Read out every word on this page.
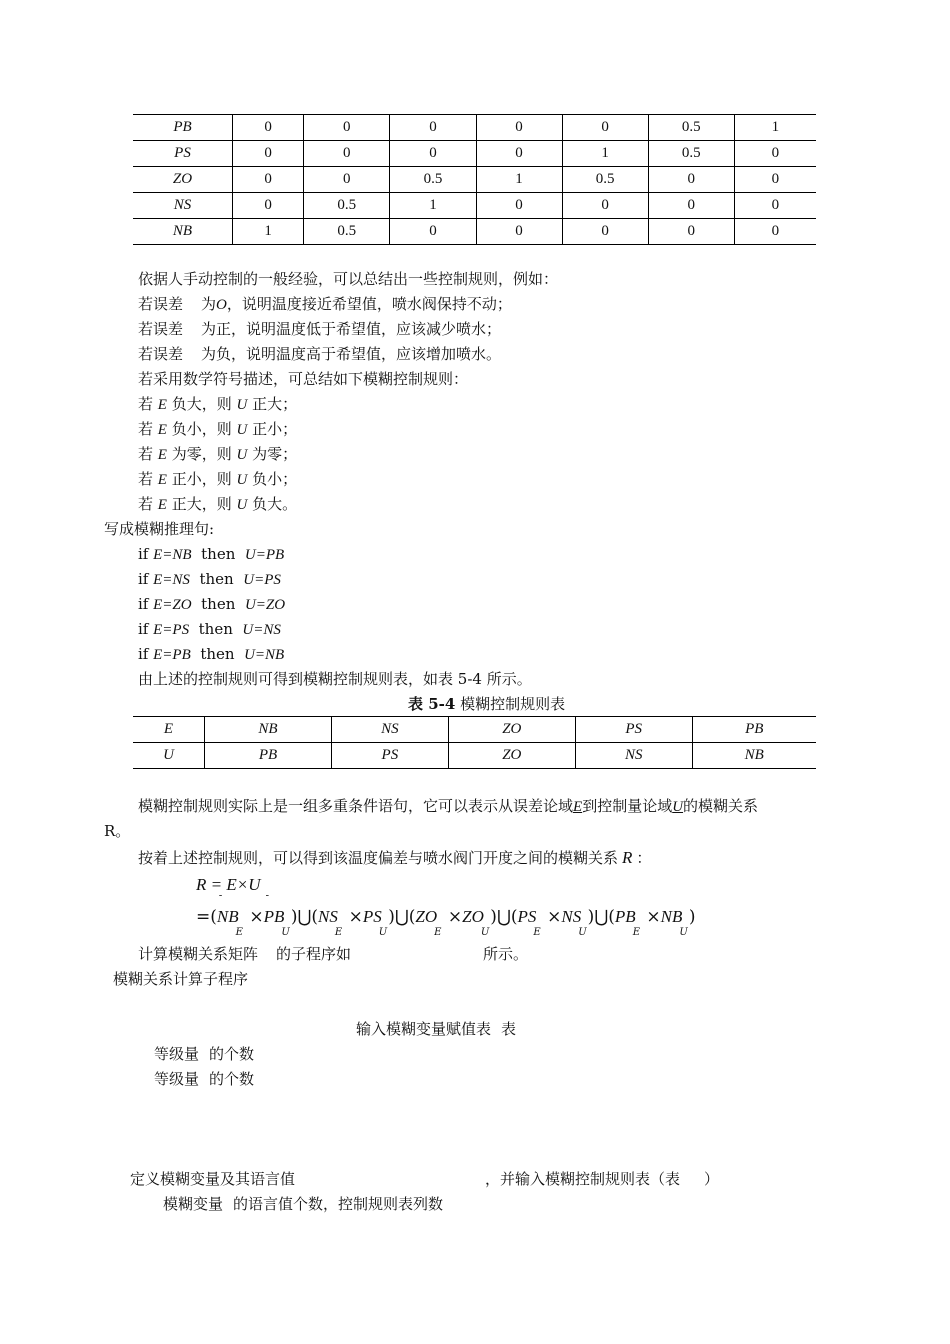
PB	0	0	0	0	0	0.5	1
PS	0	0	0	0	1	0.5	0
ZO	0	0	0.5	1	0.5	0	0
NS	0	0.5	1	0	0	0	0
NB	1	0.5	0	0	0	0	0
依据人手动控制的一般经验，可以总结出一些控制规则，例如：
若误差 为O，说明温度接近希望值，喷水阀保持不动；
若误差 为正，说明温度低于希望值，应该减少喷水；
若误差 为负，说明温度高于希望值，应该增加喷水。
若采用数学符号描述，可总结如下模糊控制规则：
若 E 负大，则 U 正大；
若 E 负小，则 U 正小；
若 E 为零，则 U 为零；
若 E 正小，则 U 负小；
若 E 正大，则 U 负大。
写成模糊推理句:
if E=NB then U=PB
if E=NS then U=PS
if E=ZO then U=ZO
if E=PS then U=NS
if E=PB then U=NB
由上述的控制规则可得到模糊控制规则表，如表 5-4 所示。
表 5-4 模糊控制规则表
E	NB	NS	ZO	PS	PB
U	PB	PS	ZO	NS	NB
模糊控制规则实际上是一组多重条件语句，它可以表示从误差论域E到控制量论域U的模糊关系
R。
按着上述控制规则，可以得到该温度偏差与喷水阀门开度之间的模糊关系 R ：
R = E×U
=(- $NB_E$ ×- $PB_U)⋃(NS_E$ $\times PS_U)⋃(ZO_E$ $\times ZO_U)⋃(PS_E$ $\times NS_U)⋃(PB_E \times NB_U)$
计算模糊关系矩阵 的子程序如	所示。
模糊关系计算子程序
输入模糊变量赋值表 表
等级量 的个数
等级量 的个数
定义模糊变量及其语言值	，并输入模糊控制规则表（表 ）
模糊变量 的语言值个数，控制规则表列数
